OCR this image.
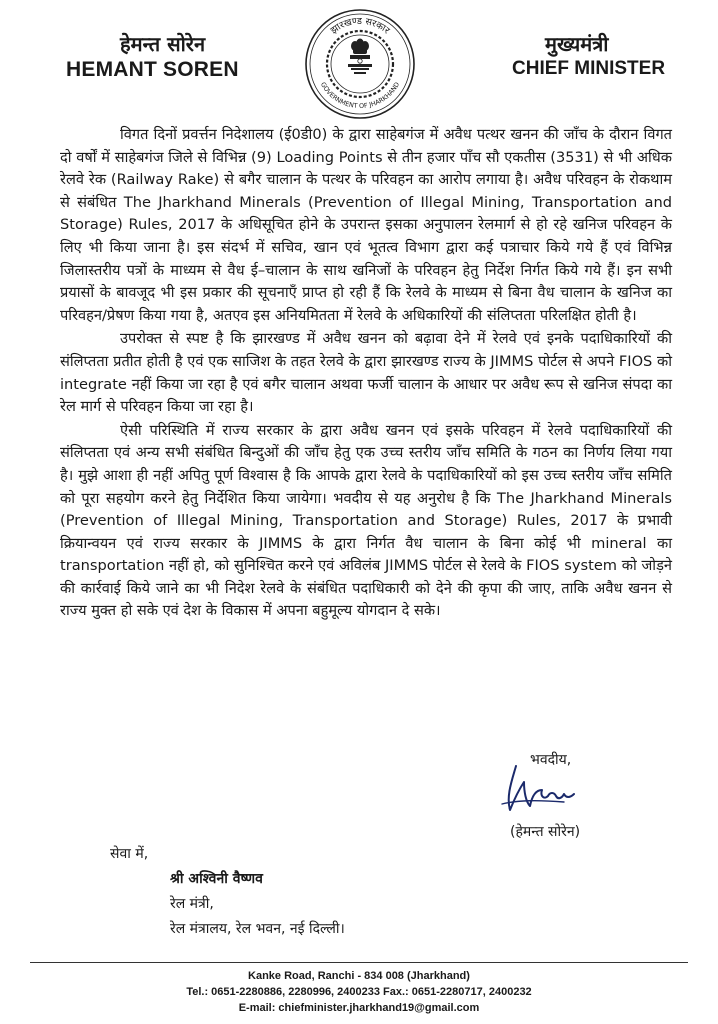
हेमन्त सोरेन
HEMANT SOREN
झारखण्ड सरकार
GOVERNMENT OF JHARKHAND
मुख्यमंत्री
CHIEF MINISTER

विगत दिनों प्रवर्त्तन निदेशालय (ई0डी0) के द्वारा साहेबगंज में अवैध पत्थर खनन की जाँच के दौरान विगत दो वर्षों में साहेबगंज जिले से विभिन्न (9) Loading Points से तीन हजार पाँच सौ एकतीस (3531) से भी अधिक रेलवे रेक (Railway Rake) से बगैर चालान के पत्थर के परिवहन का आरोप लगाया है। अवैध परिवहन के रोकथाम से संबंधित The Jharkhand Minerals (Prevention of Illegal Mining, Transportation and Storage) Rules, 2017 के अधिसूचित होने के उपरान्त इसका अनुपालन रेलमार्ग से हो रहे खनिज परिवहन के लिए भी किया जाना है। इस संदर्भ में सचिव, खान एवं भूतत्व विभाग द्वारा कई पत्राचार किये गये हैं एवं विभिन्न जिलास्तरीय पत्रों के माध्यम से वैध ई–चालान के साथ खनिजों के परिवहन हेतु निर्देश निर्गत किये गये हैं। इन सभी प्रयासों के बावजूद भी इस प्रकार की सूचनाएँ प्राप्त हो रही हैं कि रेलवे के माध्यम से बिना वैध चालान के खनिज का परिवहन/प्रेषण किया गया है, अतएव इस अनियमितता में रेलवे के अधिकारियों की संलिप्तता परिलक्षित होती है।

उपरोक्त से स्पष्ट है कि झारखण्ड में अवैध खनन को बढ़ावा देने में रेलवे एवं इनके पदाधिकारियों की संलिप्तता प्रतीत होती है एवं एक साजिश के तहत रेलवे के द्वारा झारखण्ड राज्य के JIMMS पोर्टल से अपने FIOS को integrate नहीं किया जा रहा है एवं बगैर चालान अथवा फर्जी चालान के आधार पर अवैध रूप से खनिज संपदा का रेल मार्ग से परिवहन किया जा रहा है।

ऐसी परिस्थिति में राज्य सरकार के द्वारा अवैध खनन एवं इसके परिवहन में रेलवे पदाधिकारियों की संलिप्तता एवं अन्य सभी संबंधित बिन्दुओं की जाँच हेतु एक उच्च स्तरीय जाँच समिति के गठन का निर्णय लिया गया है। मुझे आशा ही नहीं अपितु पूर्ण विश्वास है कि आपके द्वारा रेलवे के पदाधिकारियों को इस उच्च स्तरीय जाँच समिति को पूरा सहयोग करने हेतु निर्देशित किया जायेगा। भवदीय से यह अनुरोध है कि The Jharkhand Minerals (Prevention of Illegal Mining, Transportation and Storage) Rules, 2017 के प्रभावी क्रियान्वयन एवं राज्य सरकार के JIMMS के द्वारा निर्गत वैध चालान के बिना कोई भी mineral का transportation नहीं हो, को सुनिश्चित करने एवं अविलंब JIMMS पोर्टल से रेलवे के FIOS system को जोड़ने की कार्रवाई किये जाने का भी निदेश रेलवे के संबंधित पदाधिकारी को देने की कृपा की जाए, ताकि अवैध खनन से राज्य मुक्त हो सके एवं देश के विकास में अपना बहुमूल्य योगदान दे सके।

भवदीय,
(हेमन्त सोरेन)
सेवा में,
श्री अश्विनी वैष्णव
रेल मंत्री,
रेल मंत्रालय, रेल भवन, नई दिल्ली।
Kanke Road, Ranchi - 834 008 (Jharkhand)
Tel.: 0651-2280886, 2280996, 2400233 Fax.: 0651-2280717, 2400232
E-mail: chiefminister.jharkhand19@gmail.com
